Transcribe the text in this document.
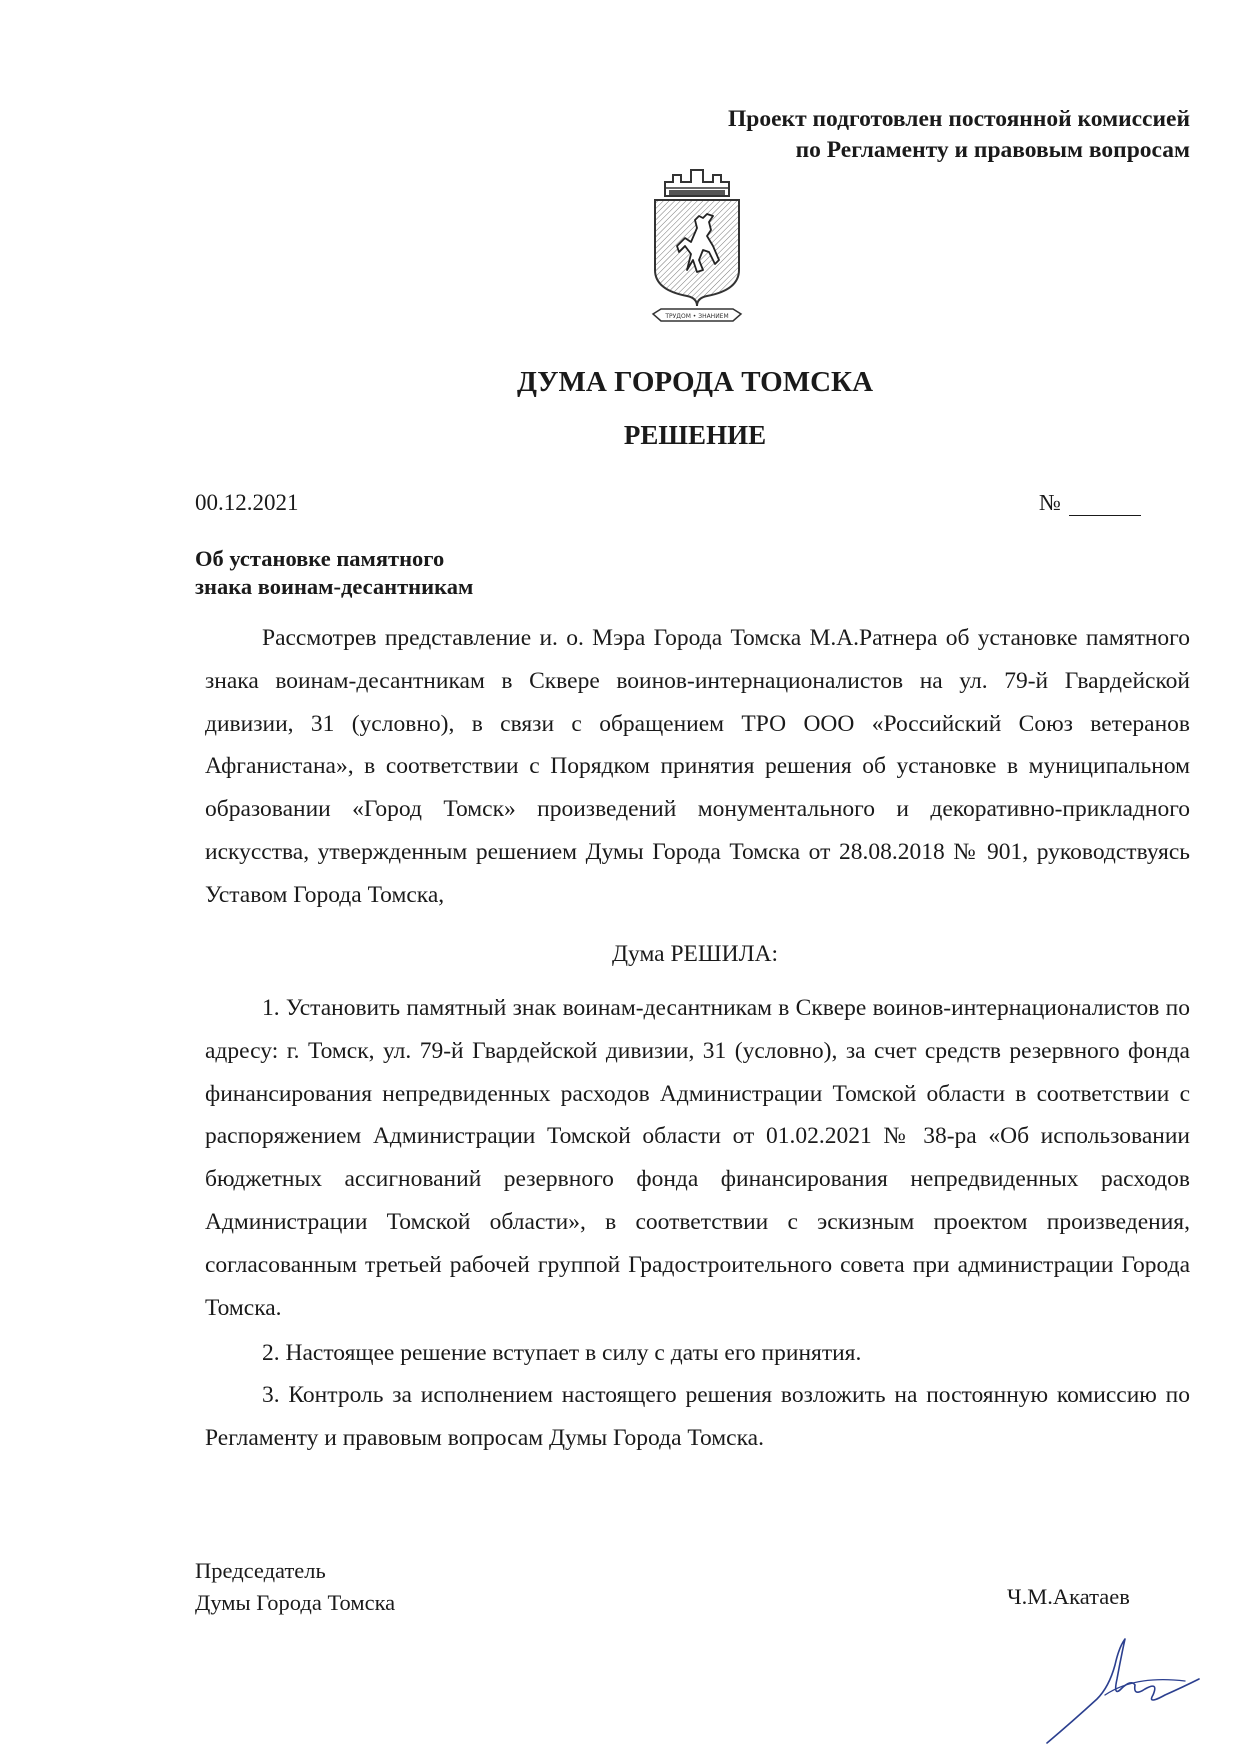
Проект подготовлен постоянной комиссией
по Регламенту и правовым вопросам
ТРУДОМ • ЗНАНИЕМ
ДУМА ГОРОДА ТОМСКА
РЕШЕНИЕ
00.12.2021	№
Об установке памятного
знака воинам-десантникам

Рассмотрев представление и. о. Мэра Города Томска М.А.Ратнера об установке памятного знака воинам-десантникам в Сквере воинов-интернационалистов на ул. 79-й Гвардейской дивизии, 31 (условно), в связи с обращением ТРО ООО «Российский Союз ветеранов Афганистана», в соответствии с Порядком принятия решения об установке в муниципальном образовании «Город Томск» произведений монументального и декоративно-прикладного искусства, утвержденным решением Думы Города Томска от 28.08.2018 № 901, руководствуясь Уставом Города Томска,

Дума РЕШИЛА:

1. Установить памятный знак воинам-десантникам в Сквере воинов-интернационалистов по адресу: г. Томск, ул. 79-й Гвардейской дивизии, 31 (условно), за счет средств резервного фонда финансирования непредвиденных расходов Администрации Томской области в соответствии с распоряжением Администрации Томской области от 01.02.2021 № 38-ра «Об использовании бюджетных ассигнований резервного фонда финансирования непредвиденных расходов Администрации Томской области», в соответствии с эскизным проектом произведения, согласованным третьей рабочей группой Градостроительного совета при администрации Города Томска.

2. Настоящее решение вступает в силу с даты его принятия.

3. Контроль за исполнением настоящего решения возложить на постоянную комиссию по Регламенту и правовым вопросам Думы Города Томска.

Председатель
Думы Города Томска	Ч.М.Акатаев
